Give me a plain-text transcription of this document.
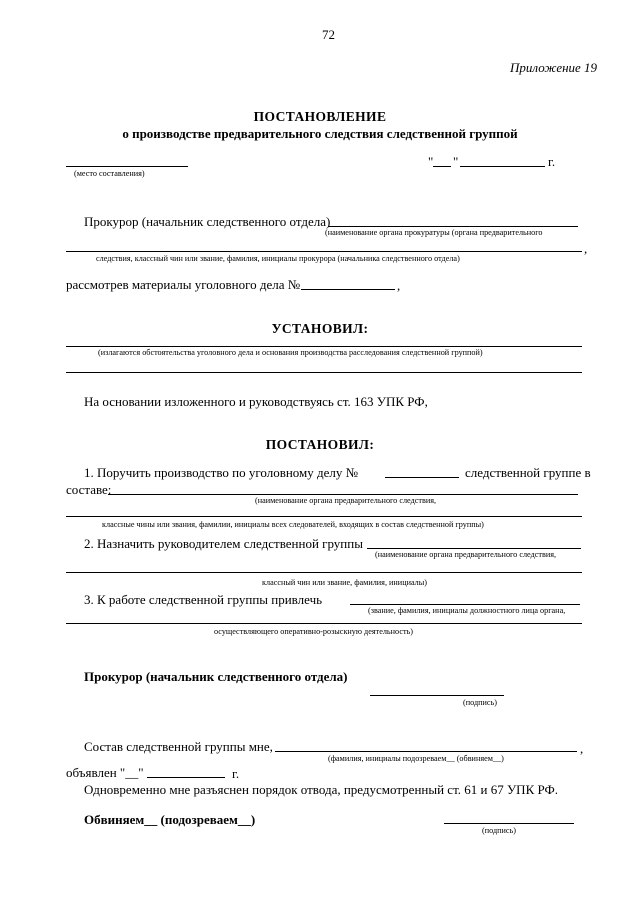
72
Приложение 19
ПОСТАНОВЛЕНИЕ
о производстве предварительного следствия следственной группой
(место составления)
" "	г.
Прокурор (начальник следственного отдела)
(наименование органа прокуратуры (органа предварительного
,
следствия, классный чин или звание, фамилия, инициалы прокурора (начальника следственного отдела)
рассмотрев материалы уголовного дела №	,
УСТАНОВИЛ:
(излагаются обстоятельства уголовного дела и основания производства расследования следственной группой)
На основании изложенного и руководствуясь ст. 163 УПК РФ,
ПОСТАНОВИЛ:
1. Поручить производство по уголовному делу №	следственной группе в
составе:
(наименование органа предварительного следствия,
классные чины или звания, фамилии, инициалы всех следователей, входящих в состав следственной группы)
2. Назначить руководителем следственной группы
(наименование органа предварительного следствия,
классный чин или звание, фамилия, инициалы)
3. К работе следственной группы привлечь
(звание, фамилия, инициалы должностного лица органа,
осуществляющего оперативно-розыскную деятельность)
Прокурор (начальник следственного отдела)
(подпись)
Состав следственной группы мне,	,
(фамилия, инициалы подозреваем__ (обвиняем__)
объявлен "__"	г.
Одновременно мне разъяснен порядок отвода, предусмотренный ст. 61 и 67 УПК РФ.
Обвиняем__ (подозреваем__)
(подпись)
